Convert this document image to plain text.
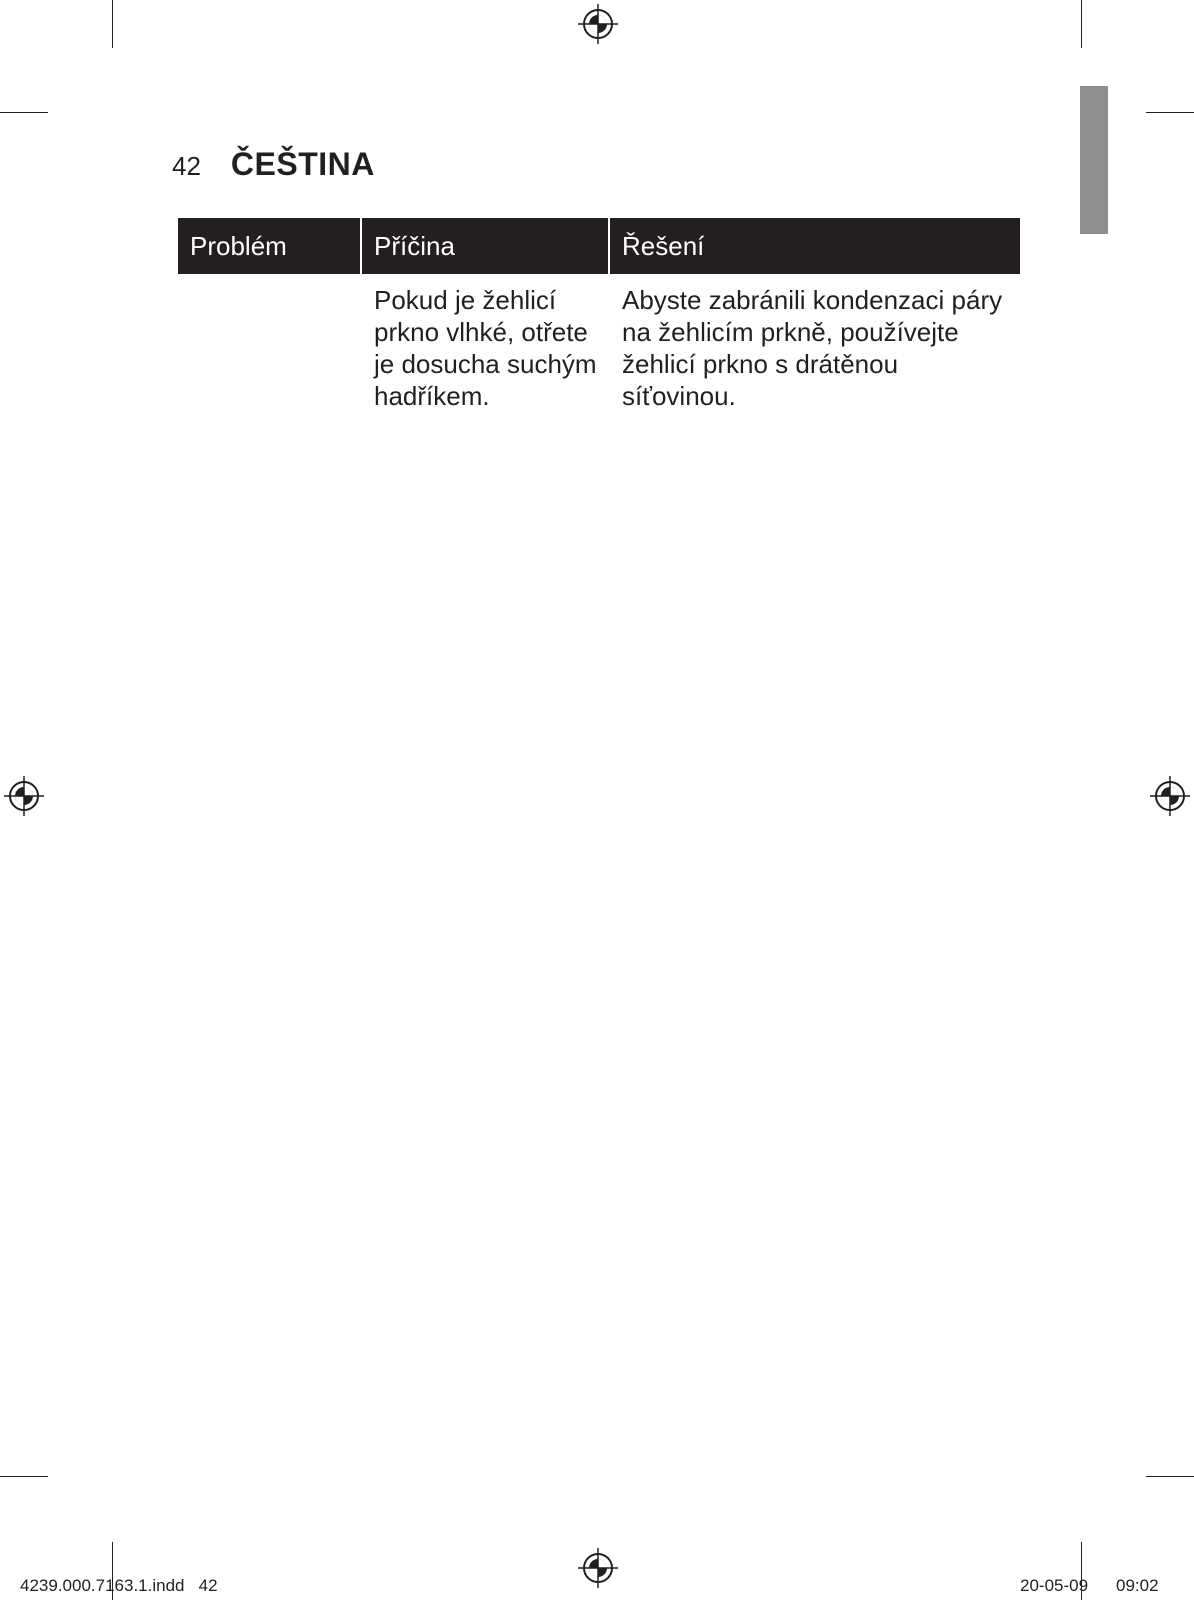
42 ČEŠTINA
Problém	Příčina	Řešení
	Pokud je žehlicí prkno vlhké, otřete je dosucha suchým hadříkem.	Abyste zabránili kondenzaci páry na žehlicím prkně, používejte žehlicí prkno s drátěnou síťovinou.
4239.000.7163.1.indd   42	20-05-09 09:02
